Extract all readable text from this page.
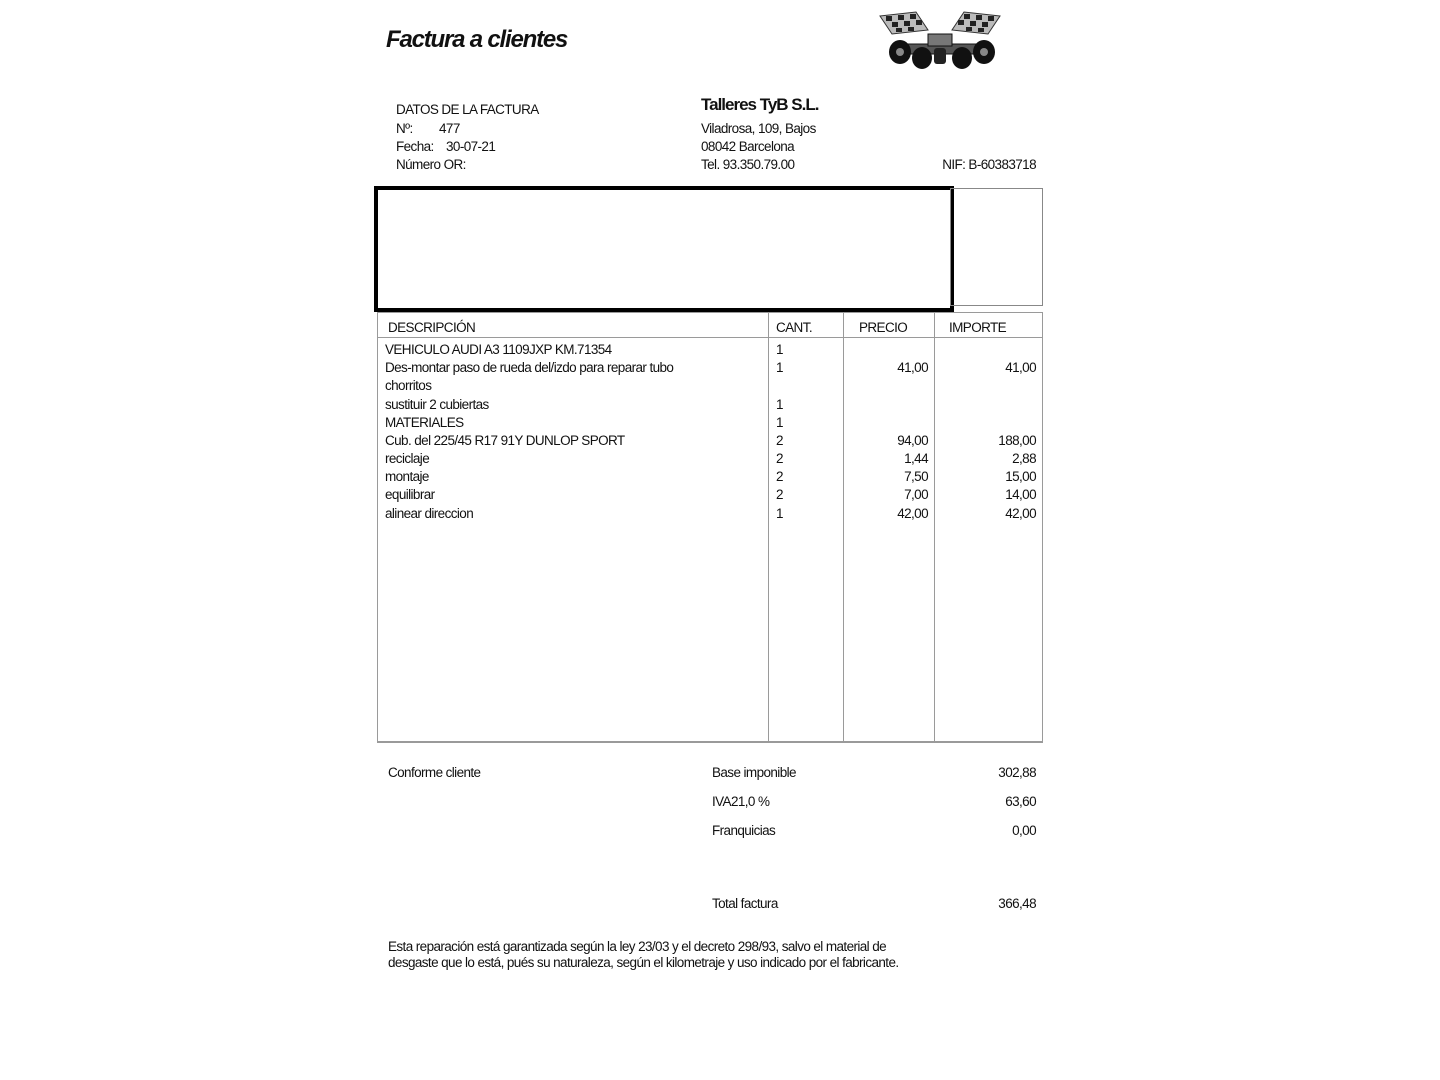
Factura a clientes
DATOS DE LA FACTURA
Nº: 477
Fecha: 30-07-21
Número OR:
Talleres TyB S.L.
Viladrosa, 109, Bajos
08042 Barcelona
Tel. 93.350.79.00	NIF: B-60383718
DESCRIPCIÓN	CANT.	PRECIO	IMPORTE
VEHICULO AUDI A3 1109JXP KM.71354	1
Des-montar paso de rueda del/izdo para reparar tubo	1	41,00	41,00
chorritos
sustituir 2 cubiertas	1
MATERIALES	1
Cub. del 225/45 R17 91Y DUNLOP SPORT	2	94,00	188,00
reciclaje	2	1,44	2,88
montaje	2	7,50	15,00
equilibrar	2	7,00	14,00
alinear direccion	1	42,00	42,00
Conforme cliente	Base imponible	302,88
IVA21,0 %	63,60
Franquicias	0,00
Total factura	366,48
Esta reparación está garantizada según la ley 23/03 y el decreto 298/93, salvo el material de
desgaste que lo está, pués su naturaleza, según el kilometraje y uso indicado por el fabricante.
